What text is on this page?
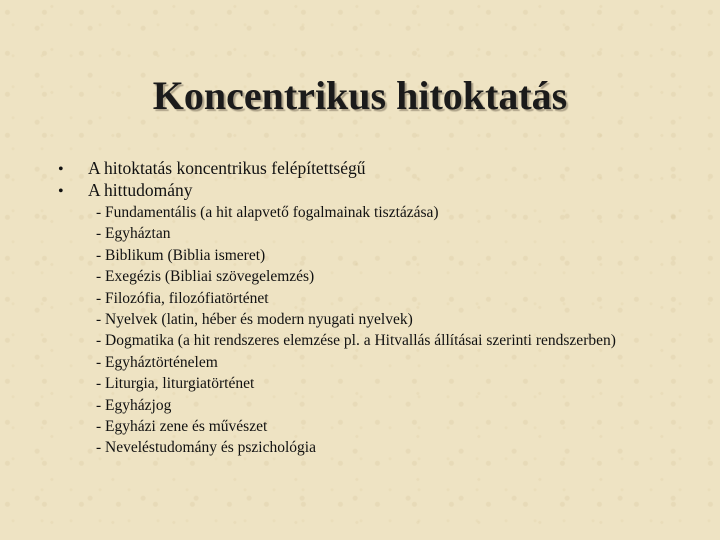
Koncentrikus hitoktatás
•	A hitoktatás koncentrikus felépítettségű
•	A hittudomány
- Fundamentális (a hit alapvető fogalmainak tisztázása)
- Egyháztan
- Biblikum (Biblia ismeret)
- Exegézis (Bibliai szövegelemzés)
- Filozófia, filozófiatörténet
- Nyelvek (latin, héber és modern nyugati nyelvek)
- Dogmatika (a hit rendszeres elemzése pl. a Hitvallás állításai szerinti rendszerben)
- Egyháztörténelem
- Liturgia, liturgiatörténet
- Egyházjog
- Egyházi zene és művészet
- Neveléstudomány és pszichológia
